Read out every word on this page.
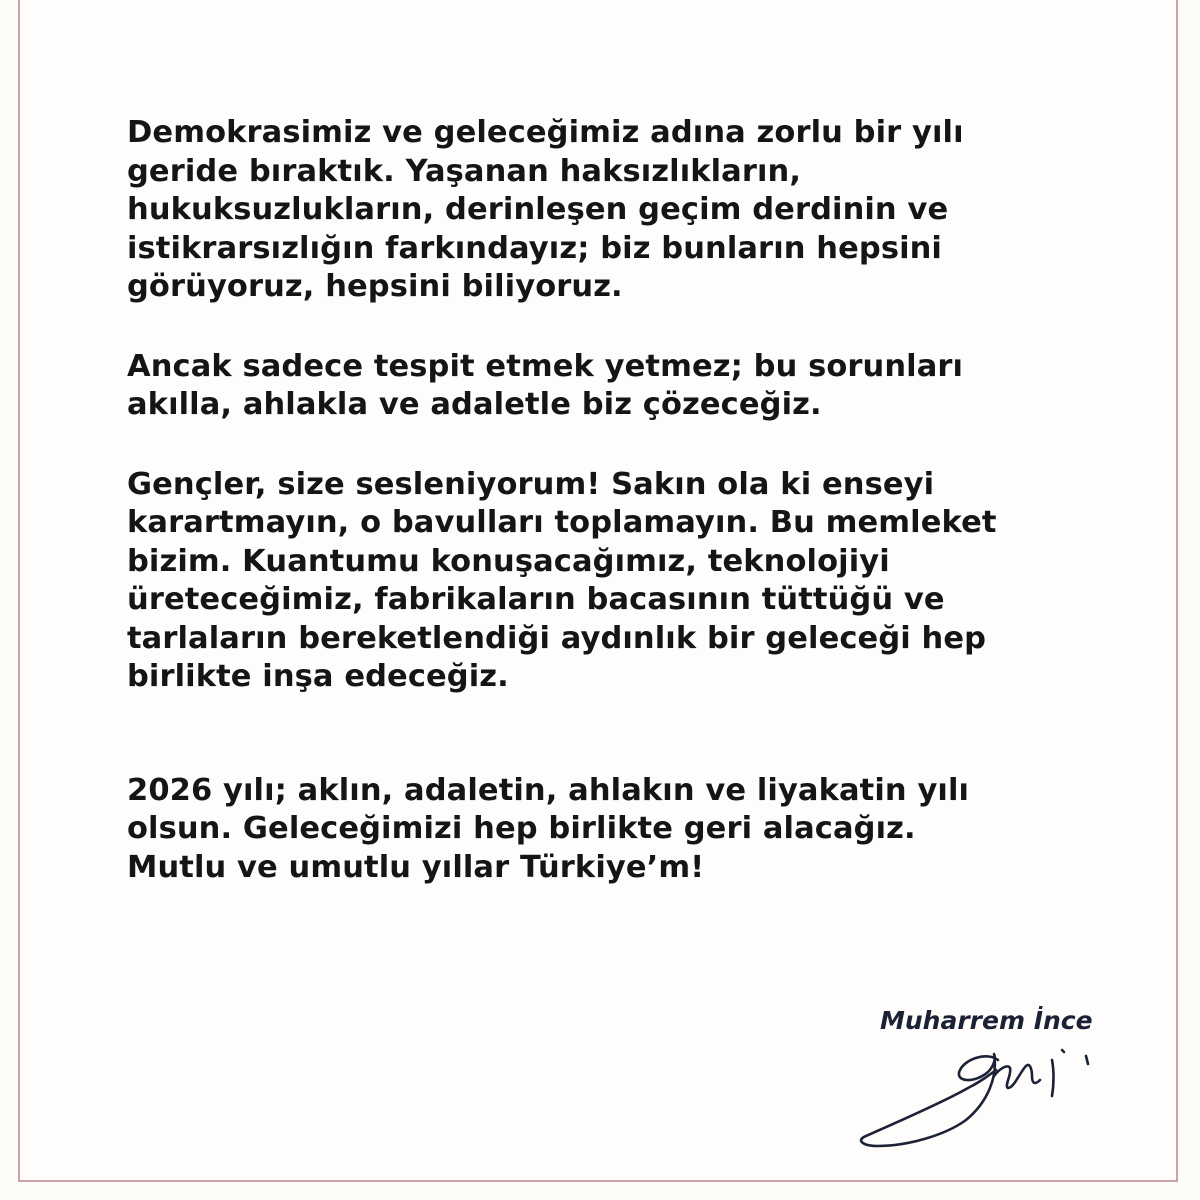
Demokrasimiz ve geleceğimiz adına zorlu bir yılı
geride bıraktık. Yaşanan haksızlıkların,
hukuksuzlukların, derinleşen geçim derdinin ve
istikrarsızlığın farkındayız; biz bunların hepsini
görüyoruz, hepsini biliyoruz.

Ancak sadece tespit etmek yetmez; bu sorunları
akılla, ahlakla ve adaletle biz çözeceğiz.

Gençler, size sesleniyorum! Sakın ola ki enseyi
karartmayın, o bavulları toplamayın. Bu memleket
bizim. Kuantumu konuşacağımız, teknolojiyi
üreteceğimiz, fabrikaların bacasının tüttüğü ve
tarlaların bereketlendiği aydınlık bir geleceği hep
birlikte inşa edeceğiz.

2026 yılı; aklın, adaletin, ahlakın ve liyakatin yılı
olsun. Geleceğimizi hep birlikte geri alacağız.
Mutlu ve umutlu yıllar Türkiye’m!

Muharrem İnce
